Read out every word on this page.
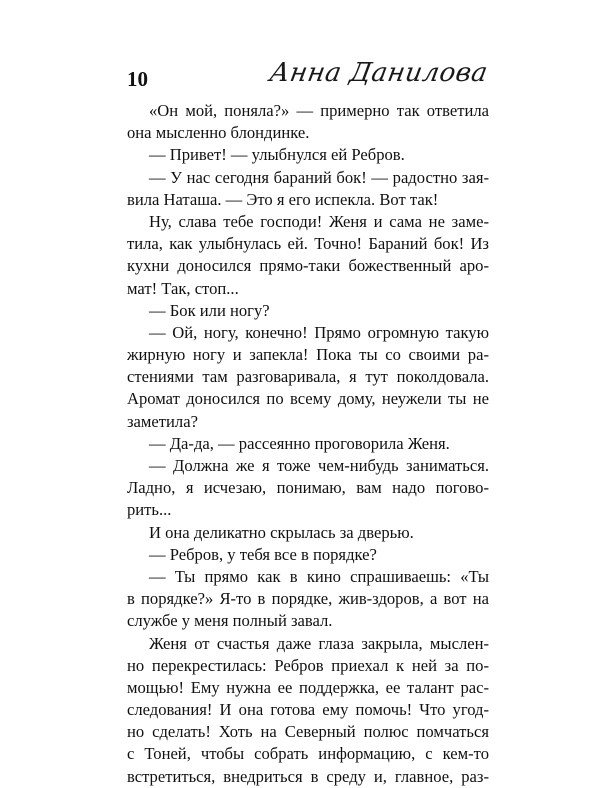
10	Анна Данилова
«Он мой, поняла?» — примерно так ответила
она мысленно блондинке.
— Привет! — улыбнулся ей Ребров.
— У нас сегодня бараний бок! — радостно зая-
вила Наташа. — Это я его испекла. Вот так!
Ну, слава тебе господи! Женя и сама не заме-
тила, как улыбнулась ей. Точно! Бараний бок! Из
кухни доносился прямо-таки божественный аро-
мат! Так, стоп...
— Бок или ногу?
— Ой, ногу, конечно! Прямо огромную такую
жирную ногу и запекла! Пока ты со своими ра-
стениями там разговаривала, я тут поколдовала.
Аромат доносился по всему дому, неужели ты не
заметила?
— Да-да, — рассеянно проговорила Женя.
— Должна же я тоже чем-нибудь заниматься.
Ладно, я исчезаю, понимаю, вам надо погово-
рить...
И она деликатно скрылась за дверью.
— Ребров, у тебя все в порядке?
— Ты прямо как в кино спрашиваешь: «Ты
в порядке?» Я-то в порядке, жив-здоров, а вот на
службе у меня полный завал.
Женя от счастья даже глаза закрыла, мыслен-
но перекрестилась: Ребров приехал к ней за по-
мощью! Ему нужна ее поддержка, ее талант рас-
следования! И она готова ему помочь! Что угод-
но сделать! Хоть на Северный полюс помчаться
с Тоней, чтобы собрать информацию, с кем-то
встретиться, внедриться в среду и, главное, раз-
